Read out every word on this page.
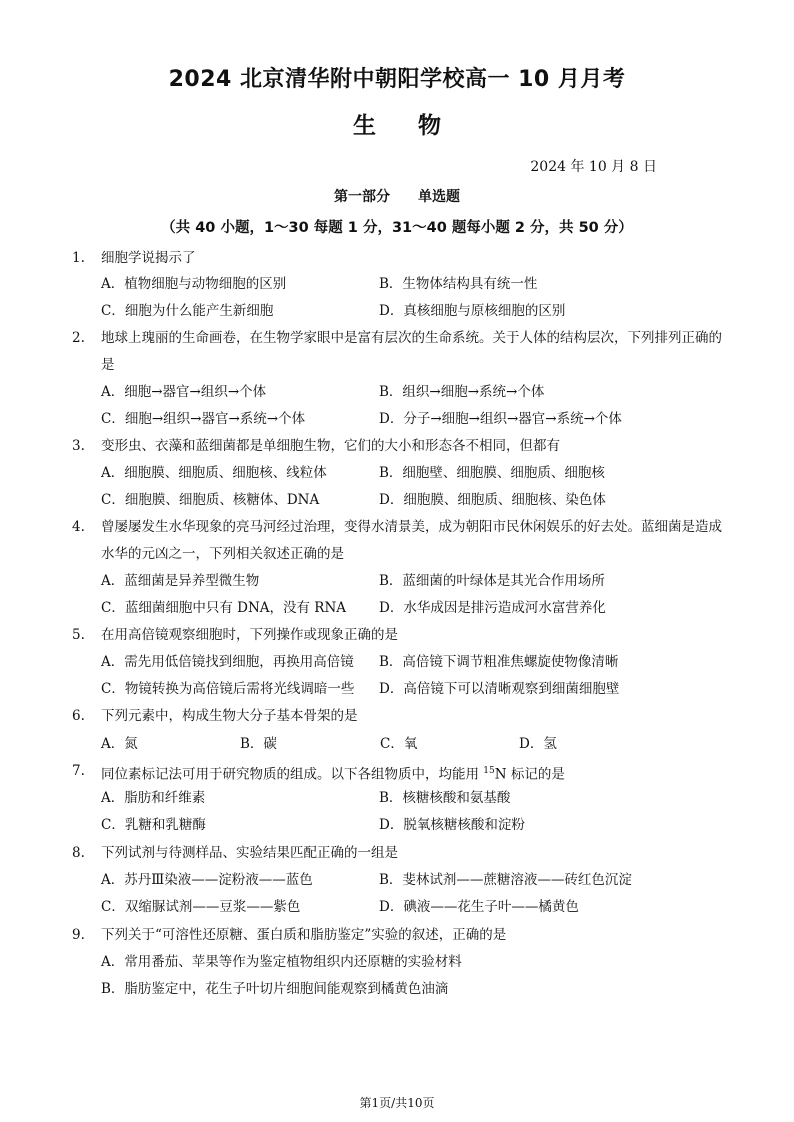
2024 北京清华附中朝阳学校高一 10 月月考
生物
2024 年 10 月 8 日
第一部分 单选题
（共 40 小题，1～30 每题 1 分，31～40 题每小题 2 分，共 50 分）
1. 细胞学说揭示了
A．植物细胞与动物细胞的区别	B．生物体结构具有统一性
C．细胞为什么能产生新细胞	D．真核细胞与原核细胞的区别
2. 地球上瑰丽的生命画卷，在生物学家眼中是富有层次的生命系统。关于人体的结构层次，下列排列正确的是
A．细胞→器官→组织→个体	B．组织→细胞→系统→个体
C．细胞→组织→器官→系统→个体	D．分子→细胞→组织→器官→系统→个体
3. 变形虫、衣藻和蓝细菌都是单细胞生物，它们的大小和形态各不相同，但都有
A．细胞膜、细胞质、细胞核、线粒体	B．细胞壁、细胞膜、细胞质、细胞核
C．细胞膜、细胞质、核糖体、DNA	D．细胞膜、细胞质、细胞核、染色体
4. 曾屡屡发生水华现象的亮马河经过治理，变得水清景美，成为朝阳市民休闲娱乐的好去处。蓝细菌是造成水华的元凶之一，下列相关叙述正确的是
A．蓝细菌是异养型微生物	B．蓝细菌的叶绿体是其光合作用场所
C．蓝细菌细胞中只有 DNA，没有 RNA D．水华成因是排污造成河水富营养化
5. 在用高倍镜观察细胞时，下列操作或现象正确的是
A．需先用低倍镜找到细胞，再换用高倍镜 B．高倍镜下调节粗准焦螺旋使物像清晰
C．物镜转换为高倍镜后需将光线调暗一些 D．高倍镜下可以清晰观察到细菌细胞壁
6. 下列元素中，构成生物大分子基本骨架的是
A．氮	B．碳	C．氧	D．氢
7. 同位素标记法可用于研究物质的组成。以下各组物质中，均能用 $^{15}$N 标记的是
A．脂肪和纤维素	B．核糖核酸和氨基酸
C．乳糖和乳糖酶	D．脱氧核糖核酸和淀粉
8. 下列试剂与待测样品、实验结果匹配正确的一组是
A．苏丹Ⅲ染液——淀粉液——蓝色	B．斐林试剂——蔗糖溶液——砖红色沉淀
C．双缩脲试剂——豆浆——紫色	D．碘液——花生子叶——橘黄色
9. 下列关于“可溶性还原糖、蛋白质和脂肪鉴定”实验的叙述，正确的是
A．常用番茄、苹果等作为鉴定植物组织内还原糖的实验材料
B．脂肪鉴定中，花生子叶切片细胞间能观察到橘黄色油滴
第1页/共10页
